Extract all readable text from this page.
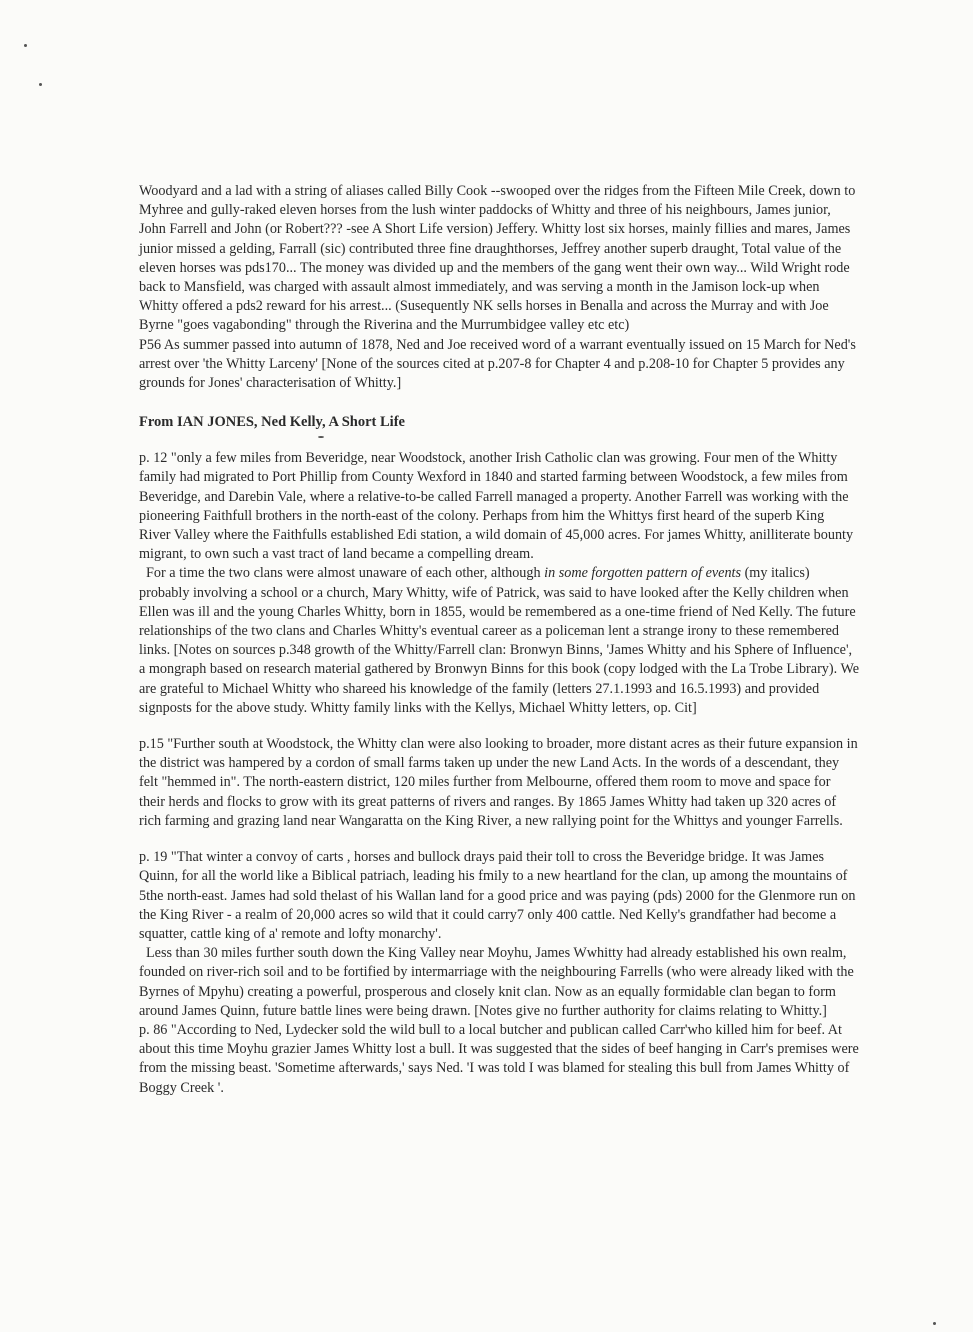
Woodyard and a lad with a string of aliases called Billy Cook --swooped over the ridges from the Fifteen Mile Creek, down to Myhree and gully-raked eleven horses from the lush winter paddocks of Whitty and three of his neighbours, James junior, John Farrell and John (or Robert??? -see A Short Life version) Jeffery. Whitty lost six horses, mainly fillies and mares, James junior missed a gelding, Farrall (sic) contributed three fine draughthorses, Jeffrey another superb draught, Total value of the eleven horses was pds170... The money was divided up and the members of the gang went their own way... Wild Wright rode back to Mansfield, was charged with assault almost immediately, and was serving a month in the Jamison lock-up when Whitty offered a pds2 reward for his arrest... (Susequently NK sells horses in Benalla and across the Murray and with Joe Byrne "goes vagabonding" through the Riverina and the Murrumbidgee valley etc etc)

P56 As summer passed into autumn of 1878, Ned and Joe received word of a warrant eventually issued on 15 March for Ned's arrest over 'the Whitty Larceny' [None of the sources cited at p.207-8 for Chapter 4 and p.208-10 for Chapter 5 provides any grounds for Jones' characterisation of Whitty.]

From IAN JONES, Ned Kelly, A Short Life

p. 12 "only a few miles from Beveridge, near Woodstock, another Irish Catholic clan was growing. Four men of the Whitty family had migrated to Port Phillip from County Wexford in 1840 and started farming between Woodstock, a few miles from Beveridge, and Darebin Vale, where a relative-to-be called Farrell managed a property. Another Farrell was working with the pioneering Faithfull brothers in the north-east of the colony. Perhaps from him the Whittys first heard of the superb King River Valley where the Faithfulls established Edi station, a wild domain of 45,000 acres. For james Whitty, anilliterate bounty migrant, to own such a vast tract of land became a compelling dream.

For a time the two clans were almost unaware of each other, although in some forgotten pattern of events (my italics) probably involving a school or a church, Mary Whitty, wife of Patrick, was said to have looked after the Kelly children when Ellen was ill and the young Charles Whitty, born in 1855, would be remembered as a one-time friend of Ned Kelly. The future relationships of the two clans and Charles Whitty's eventual career as a policeman lent a strange irony to these remembered links. [Notes on sources p.348 growth of the Whitty/Farrell clan: Bronwyn Binns, 'James Whitty and his Sphere of Influence', a mongraph based on research material gathered by Bronwyn Binns for this book (copy lodged with the La Trobe Library). We are grateful to Michael Whitty who shareed his knowledge of the family (letters 27.1.1993 and 16.5.1993) and provided signposts for the above study. Whitty family links with the Kellys, Michael Whitty letters, op. Cit]

p.15 "Further south at Woodstock, the Whitty clan were also looking to broader, more distant acres as their future expansion in the district was hampered by a cordon of small farms taken up under the new Land Acts. In the words of a descendant, they felt "hemmed in". The north-eastern district, 120 miles further from Melbourne, offered them room to move and space for their herds and flocks to grow with its great patterns of rivers and ranges. By 1865 James Whitty had taken up 320 acres of rich farming and grazing land near Wangaratta on the King River, a new rallying point for the Whittys and younger Farrells.

p. 19 "That winter a convoy of carts , horses and bullock drays paid their toll to cross the Beveridge bridge. It was James Quinn, for all the world like a Biblical patriach, leading his fmily to a new heartland for the clan, up among the mountains of 5the north-east. James had sold thelast of his Wallan land for a good price and was paying (pds) 2000 for the Glenmore run on the King River - a realm of 20,000 acres so wild that it could carry7 only 400 cattle. Ned Kelly's grandfather had become a squatter, cattle king of a' remote and lofty monarchy'.

Less than 30 miles further south down the King Valley near Moyhu, James Wwhitty had already established his own realm, founded on river-rich soil and to be fortified by intermarriage with the neighbouring Farrells (who were already liked with the Byrnes of Mpyhu) creating a powerful, prosperous and closely knit clan. Now as an equally formidable clan began to form around James Quinn, future battle lines were being drawn. [Notes give no further authority for claims relating to Whitty.]

p. 86 "According to Ned, Lydecker sold the wild bull to a local butcher and publican called Carr'who killed him for beef. At about this time Moyhu grazier James Whitty lost a bull. It was suggested that the sides of beef hanging in Carr's premises were from the missing beast. 'Sometime afterwards,' says Ned. 'I was told I was blamed for stealing this bull from James Whitty of Boggy Creek '.
